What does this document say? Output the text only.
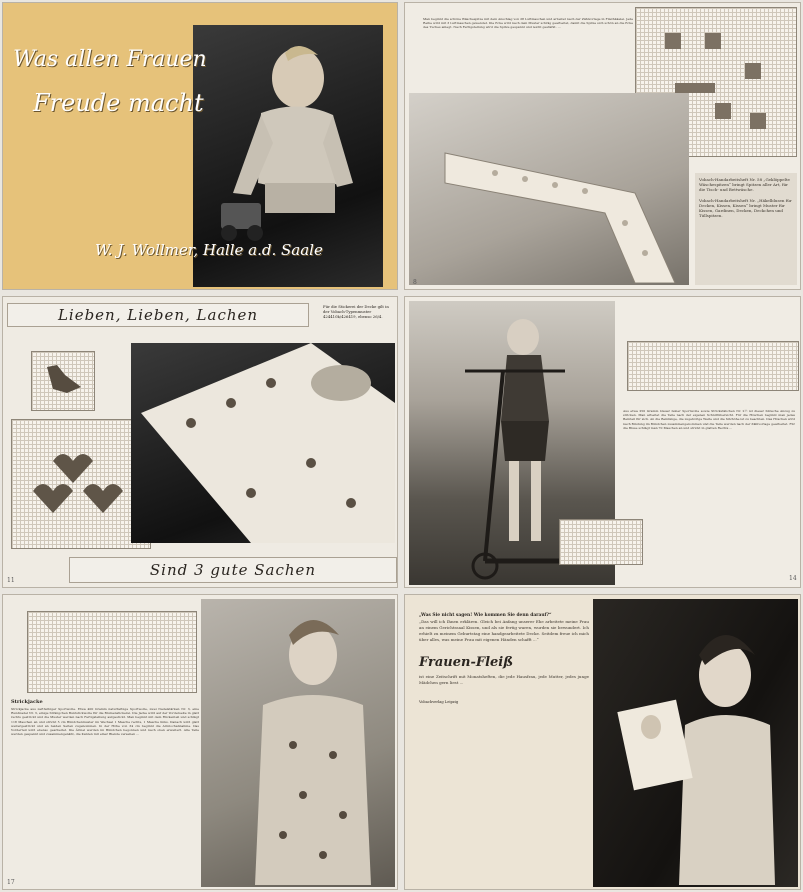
Was allen Frauen
Freude macht
W. J. Wollmer, Halle a.d. Saale
Man beginnt die schöne Wäschespitze mit dem Anschlag von 28 Luftmaschen und arbeitet nach der Zählvorlage in Filethäkelei. Jede Reihe wird mit 3 Luftmaschen gewendet. Die Ecke wird nach dem Muster schräg gearbeitet, damit die Spitze sich schön an die Ecke des Tuches anlegt. Nach Fertigstellung wird die Spitze gespannt und leicht gestärkt. ...
Vobach-Handarbeitsheft Nr. 58 „Geklöppelte Wäschespitzen“ bringt Spitzen aller Art, für die Tisch- und Bettwäsche.
Vobach-Handarbeitsheft Nr. „Häkelblusen für Decken, Kissen, Kissen“ bringt Muster für Kissen, Gardinen, Decken, Deckchen und Tüllspitzen.
8
Lieben, Lieben, Lachen	Für die Stickerei der Decke gilt in der Vobach-Typenmuster 424410k/426419, ebenso 26/4.
Sind 3 gute Sachen
11
Aus etwa 250 Gramm blauer feiner Sportwolle sowie Strickstäbchen Nr. 2½ ist dieser hübsche Anzug zu stricken. Man arbeitet die Teile nach der eigenen Schnittübersicht. Für die Höschen beginnt man jedes Beinteil für sich. An die Beinlänge, die zugehörige Weite und die Sitzhöhe ist zu beachten. Das Höschen wird nach Bindung im Bündchen zusammengenommen und die Teile werden nach der Zählvorlage gearbeitet. Für die Bluse schlägt man 70 Maschen an und strickt in glatten Rechts ...
14
Strickjacke
Strickjacke aus zartfarbiger Sportwolle. Etwa 400 Gramm naturfarbige Sportwolle, zwei Nadelstärken Nr. 3, eine Rundnadel Nr. 3, einige Strängchen Buntstickwolle für die Blumenstickerei. Die Jacke wird auf der Vorderseite in glatt rechts gestrickt und die Muster werden nach Fertigstellung aufgestickt. Man beginnt mit dem Rückenteil und schlägt 118 Maschen an und strickt 5 cm Bündchenmuster im Wechsel 1 Masche rechts, 1 Masche links. Danach wird glatt weitergestrickt und an beiden Seiten zugenommen. In der Höhe von 34 cm beginnt die Armlochabnahme. Das Vorderteil wird ebenso gearbeitet. Die Ärmel werden im Bündchen begonnen und nach oben erweitert. Alle Teile werden gespannt und zusammengenäht, die Kanten mit einer Blende versehen ...
17
„Was Sie nicht sagen! Wie kommen Sie denn darauf?“
„Das will ich Ihnen erklären. Gleich bei Anfang unserer Ehe arbeitete meine Frau an einem Gerichtssaal Kissen, und als sie fertig waren, wurden sie bewundert. Ich erhielt zu meinem Geburtstag eine handgearbeitete Decke. Seitdem freue ich mich über alles, was meine Frau mit eigenen Händen schafft ...“
Frauen-Fleiß
ist eine Zeitschrift mit Monatsheften, die jede Hausfrau, jede Mutter, jedes junge Mädchen gern liest ...
Vobachverlag Leipzig
